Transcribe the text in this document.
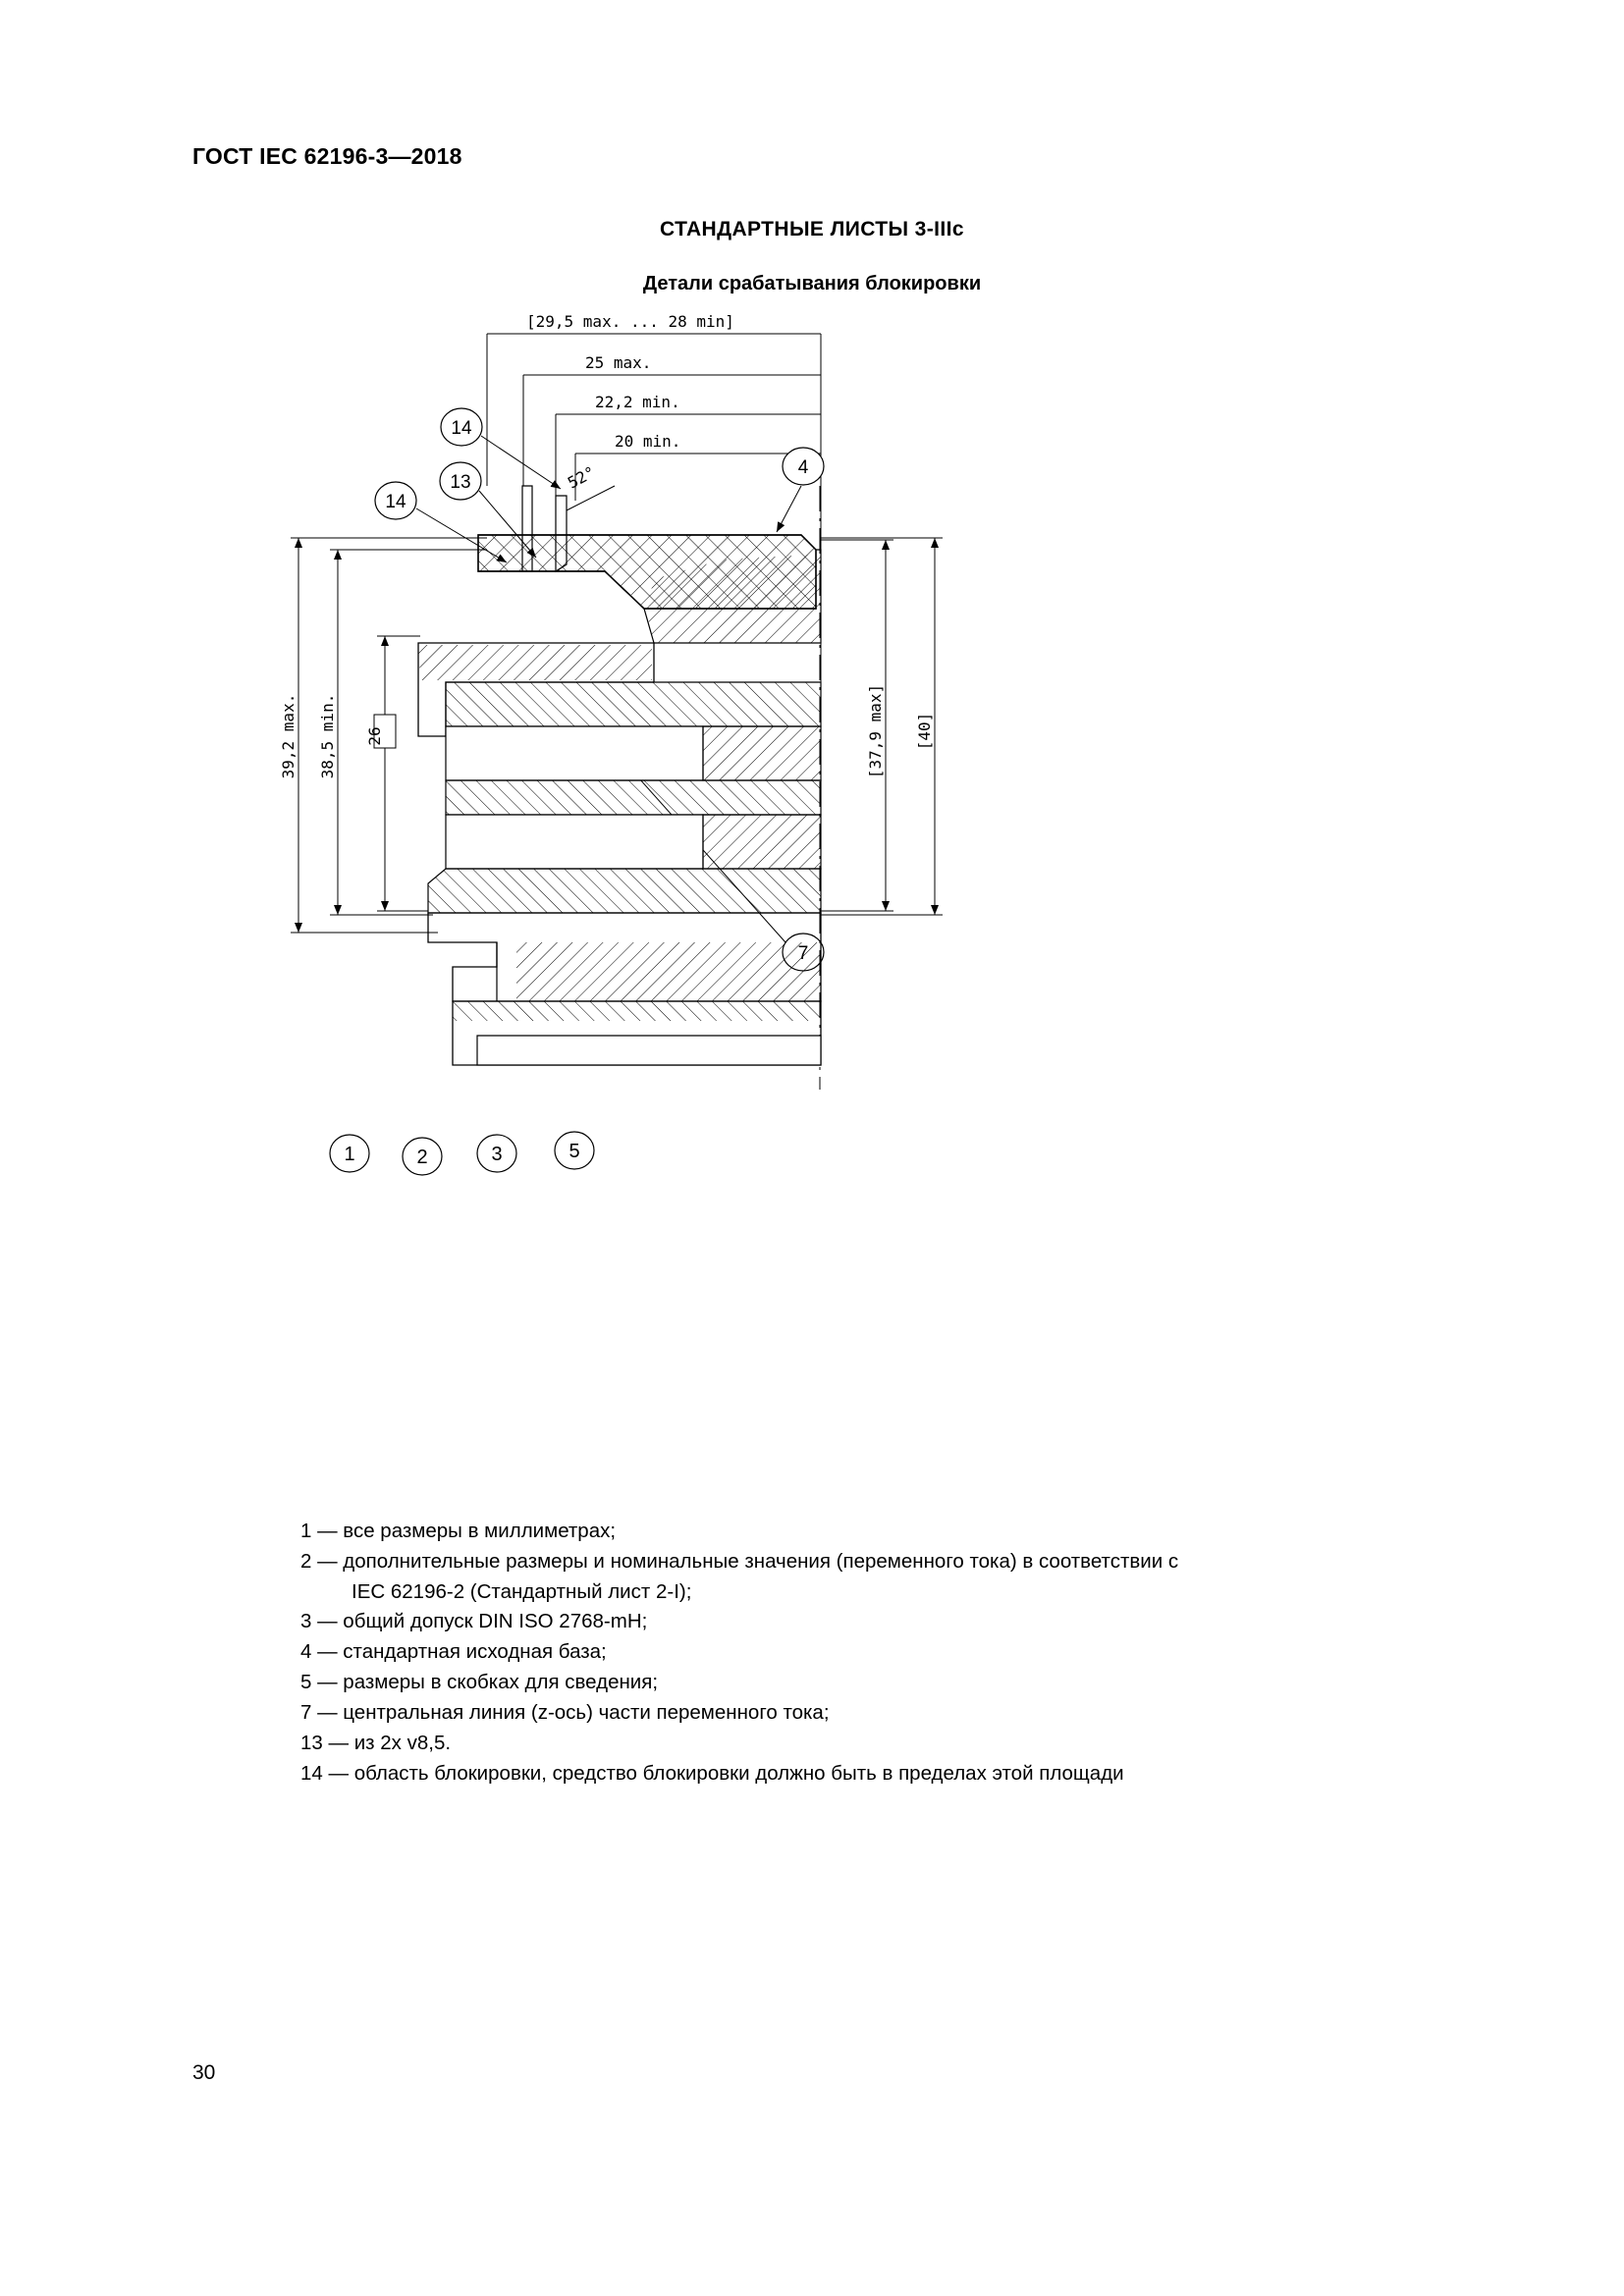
ГОСТ IEC 62196-3—2018
СТАНДАРТНЫЕ ЛИСТЫ 3-IIIc
Детали срабатывания блокировки
[29,5 max. ... 28 min]
25 max.
22,2 min.
20 min.
52°
14
13
14
4
39,2 max. 38,5 min. 26	[37,9 max] [40]
1	2	3	5
1 — все размеры в миллиметрах;
2 — дополнительные размеры и номинальные значения (переменного тока) в соответствии с
IEC 62196-2 (Стандартный лист 2-I);
3 — общий допуск DIN ISO 2768-mH;
4 — стандартная исходная база;
5 — размеры в скобках для сведения;
7 — центральная линия (z-ось) части переменного тока;
13 — из 2x v8,5.
14 — область блокировки, средство блокировки должно быть в пределах этой площади
30
